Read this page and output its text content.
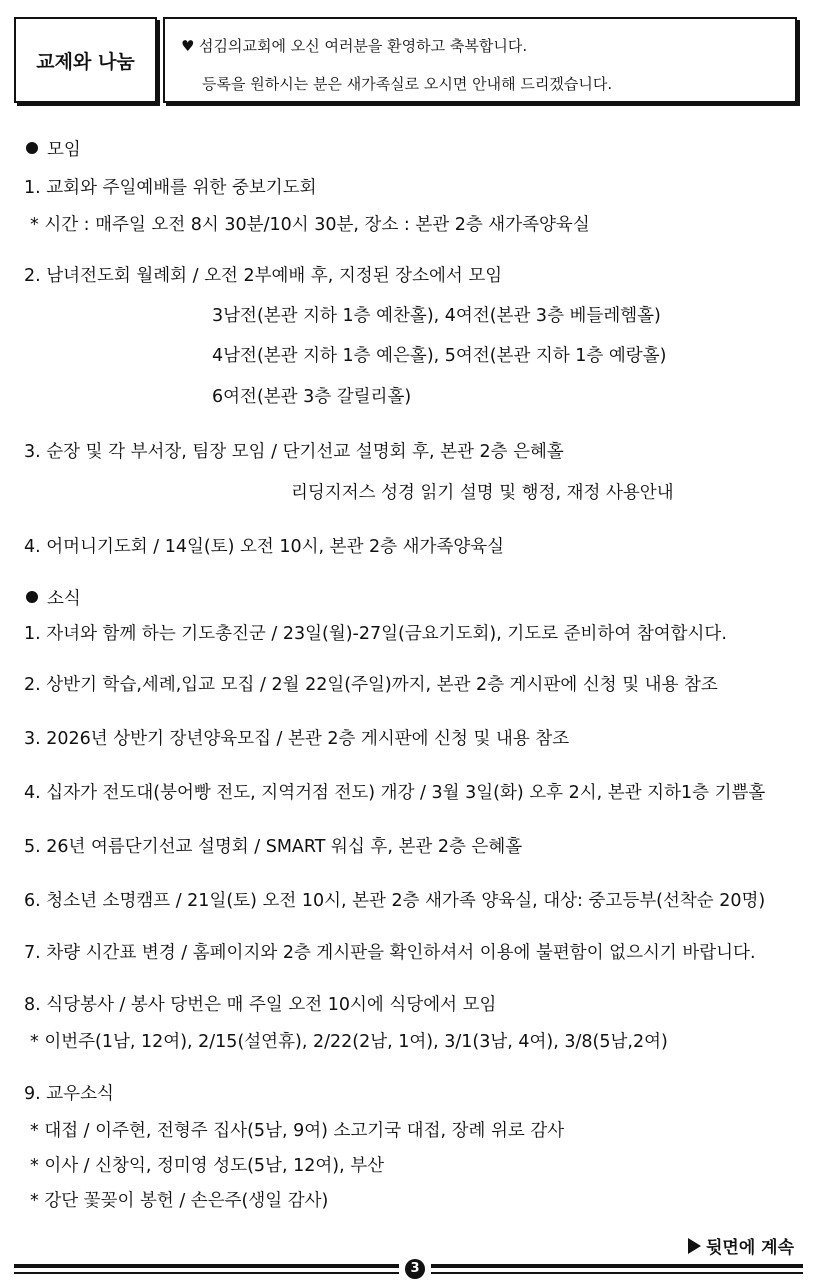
교제와 나눔
♥ 섬김의교회에 오신 여러분을 환영하고 축복합니다.
등록을 원하시는 분은 새가족실로 오시면 안내해 드리겠습니다.
모임
1. 교회와 주일예배를 위한 중보기도회
* 시간 : 매주일 오전 8시 30분/10시 30분, 장소 : 본관 2층 새가족양육실
2. 남녀전도회 월례회 / 오전 2부예배 후, 지정된 장소에서 모임
3남전(본관 지하 1층 예찬홀), 4여전(본관 3층 베들레헴홀)
4남전(본관 지하 1층 예은홀), 5여전(본관 지하 1층 예랑홀)
6여전(본관 3층 갈릴리홀)
3. 순장 및 각 부서장, 팀장 모임 / 단기선교 설명회 후, 본관 2층 은혜홀
리딩지저스 성경 읽기 설명 및 행정, 재정 사용안내
4. 어머니기도회 / 14일(토) 오전 10시, 본관 2층 새가족양육실
소식
1. 자녀와 함께 하는 기도총진군 / 23일(월)-27일(금요기도회), 기도로 준비하여 참여합시다.
2. 상반기 학습,세례,입교 모집 / 2월 22일(주일)까지, 본관 2층 게시판에 신청 및 내용 참조
3. 2026년 상반기 장년양육모집 / 본관 2층 게시판에 신청 및 내용 참조
4. 십자가 전도대(붕어빵 전도, 지역거점 전도) 개강 / 3월 3일(화) 오후 2시, 본관 지하1층 기쁨홀
5. 26년 여름단기선교 설명회 / SMART 워십 후, 본관 2층 은혜홀
6. 청소년 소명캠프 / 21일(토) 오전 10시, 본관 2층 새가족 양육실, 대상: 중고등부(선착순 20명)
7. 차량 시간표 변경 / 홈페이지와 2층 게시판을 확인하셔서 이용에 불편함이 없으시기 바랍니다.
8. 식당봉사 / 봉사 당번은 매 주일 오전 10시에 식당에서 모임
* 이번주(1남, 12여), 2/15(설연휴), 2/22(2남, 1여), 3/1(3남, 4여), 3/8(5남,2여)
9. 교우소식
* 대접 / 이주현, 전형주 집사(5남, 9여) 소고기국 대접, 장례 위로 감사
* 이사 / 신창익, 정미영 성도(5남, 12여), 부산
* 강단 꽃꽂이 봉헌 / 손은주(생일 감사)
뒷면에 계속
3
